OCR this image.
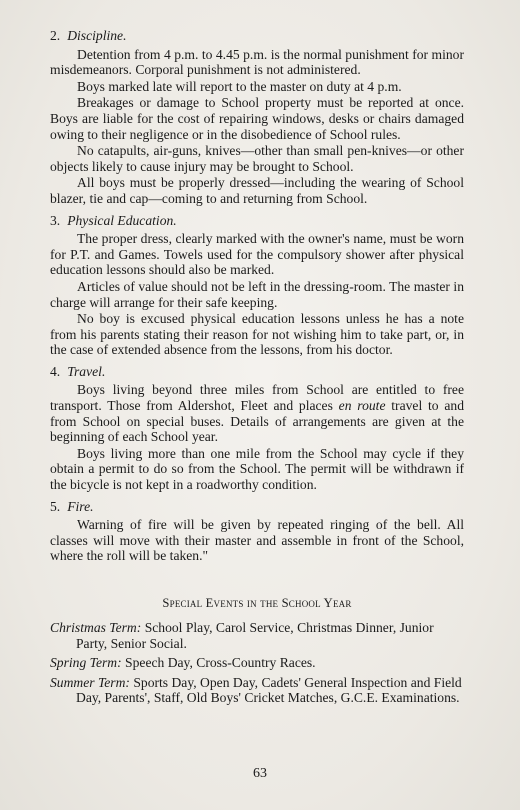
2. Discipline.

Detention from 4 p.m. to 4.45 p.m. is the normal punishment for minor misdemeanors. Corporal punishment is not administered.

Boys marked late will report to the master on duty at 4 p.m.

Breakages or damage to School property must be reported at once. Boys are liable for the cost of repairing windows, desks or chairs damaged owing to their negligence or in the disobedience of School rules.

No catapults, air-guns, knives—other than small pen-knives—or other objects likely to cause injury may be brought to School.

All boys must be properly dressed—including the wearing of School blazer, tie and cap—coming to and returning from School.

3. Physical Education.

The proper dress, clearly marked with the owner's name, must be worn for P.T. and Games. Towels used for the compulsory shower after physical education lessons should also be marked.

Articles of value should not be left in the dressing-room. The master in charge will arrange for their safe keeping.

No boy is excused physical education lessons unless he has a note from his parents stating their reason for not wishing him to take part, or, in the case of extended absence from the lessons, from his doctor.

4. Travel.

Boys living beyond three miles from School are entitled to free transport. Those from Aldershot, Fleet and places en route travel to and from School on special buses. Details of arrangements are given at the beginning of each School year.

Boys living more than one mile from the School may cycle if they obtain a permit to do so from the School. The permit will be withdrawn if the bicycle is not kept in a roadworthy condition.

5. Fire.

Warning of fire will be given by repeated ringing of the bell. All classes will move with their master and assemble in front of the School, where the roll will be taken."

Special Events in the School Year

Christmas Term: School Play, Carol Service, Christmas Dinner, Junior Party, Senior Social.

Spring Term: Speech Day, Cross-Country Races.

Summer Term: Sports Day, Open Day, Cadets' General Inspection and Field Day, Parents', Staff, Old Boys' Cricket Matches, G.C.E. Examinations.

63
